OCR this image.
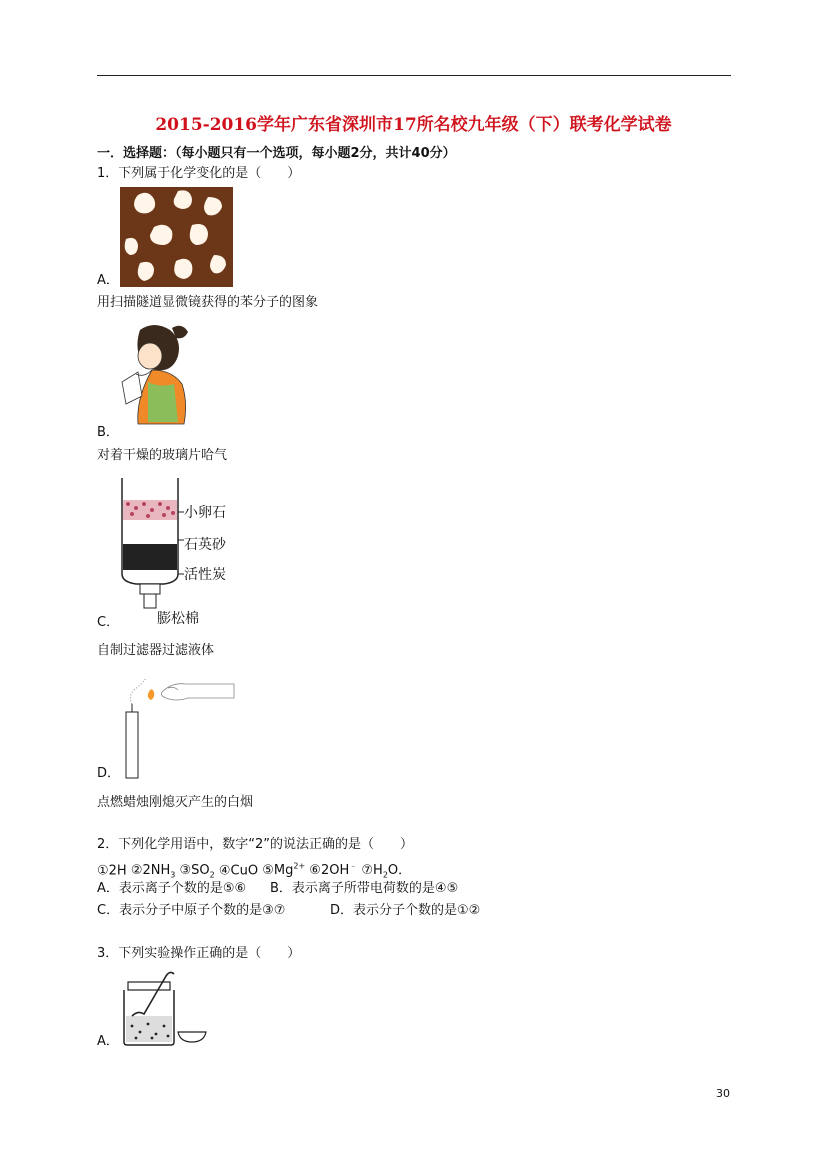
2015-2016学年广东省深圳市17所名校九年级（下）联考化学试卷
一．选择题：（每小题只有一个选项，每小题2分，共计40分）
1．下列属于化学变化的是（　　）
A．
用扫描隧道显微镜获得的苯分子的图象
B．
对着干燥的玻璃片哈气
小卵石
石英砂
活性炭
膨松棉
C．
自制过滤器过滤液体
D．
点燃蜡烛刚熄灭产生的白烟
2．下列化学用语中，数字“2”的说法正确的是（　　）
①2H $②2NH_3$ $③SO_2$ ④CuO $⑤Mg^{2+}$ ⑥2OH﹣ $⑦H_2O$．
A．表示离子个数的是⑤⑥ B．表示离子所带电荷数的是④⑤
C．表示分子中原子个数的是③⑦	D．表示分子个数的是①②
3．下列实验操作正确的是（　　）
A．
30
